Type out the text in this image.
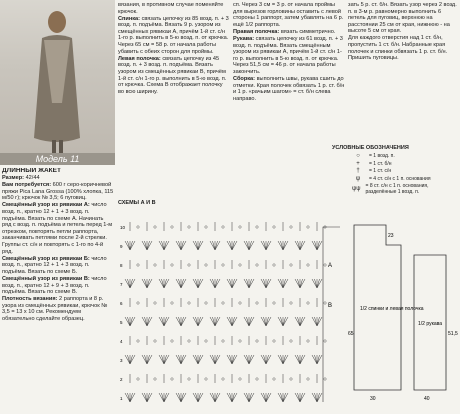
Модель 11

ДЛИННЫЙ ЖАКЕТ

Размер: 42/44

Вам потребуется: 600 г серо-коричневой пряжи Pica Lana Grossa (100% хлопка, 115 м/50 г); крючок № 3,5; 6 пуговиц.

Смещённый узор из рявикаи А: число возд. п., кратно 12 + 1 + 3 возд. п. подъёма. Вязать по схеме А. Начинать ряд с возд. п. подъёма и петель перед 1-м отрезком, повторять петли раппорта, заканчивать петлями после 2-й стрелки. Группы ст. с/н и повторять с 1-го по 4-й ряд.

Смещённый узор из рявикаи Б: число возд. п., кратно 12 + 1 + 3 возд. п. подъёма. Вязать по схеме Б.

Смещённый узор из рявикаи В: число возд. п., кратно 12 + 9 + 3 возд. п. подъёма. Вязать по схеме В.

Плотность вязания: 2 раппорта и 8 р. узора из смещённых рявикаи, крючок № 3,5 = 13 х 10 см. Рекомендуем обязательно сделайте образец.

вязания, в противном случае поменяйте крючок.

Спинка: связать цепочку из 85 возд. п. + 3 возд. п. подъёма. Вязать 9 р. узором из смещённых рявикаи А, причём 1-й ст. с/н 1-го р. выполнить в 5-ю возд. п. от крючка. Через 65 см = 58 р. от начала работы убавить с обеих сторон для проймы.

Левая полочка: связать цепочку из 45 возд. п. + 3 возд. п. подъёма. Вязать узором из смещённых рявикаи В, причём 1-й ст. с/н 1-го р. выполнить в 5-ю возд. п. от крючка. Схема В отображает полочку во всю ширину.

сп. Через 3 см = 3 р. от начала проймы для вырезов горловины оставить с левой стороны 1 раппорт, затем убавлять на 6 р. ещё 1/2 раппорта.

Правая полочка: вязать симметрично.

Рукава: связать цепочку из 61 возд. п. + 3 возд. п. подъёма. Вязать смещённым узором из рявикаи А, причём 1-й ст. с/н 1-го р. выполнить в 5-ю возд. п. от крючка. Через 51,5 см = 46 р. от начала работы закончить.

Сборка: выполнить швы, рукава сшить до отметки. Края полочек обвязать 1 р. ст. б/н и 1 р. «рачьим шагом» = ст. б/н слева направо.

зать 5 р. ст. б/н. Вязать узор через 2 возд. п. в 3-м р. равномерно выполнить 6 петель для пуговиц, верхнюю на расстоянии 25 см от края, нижнюю - на высоте 5 см от края.

Для каждого отверстия над 1 ст. б/н, пропустить 1 ст. б/н. Набранные края полочек и спинки обвязать 1 р. ст. б/н. Пришить пуговицы.

УСЛОВНЫЕ ОБОЗНАЧЕНИЯ
○	= 1 возд. п.
+	= 1 ст. б/н
†	= 1 ст. с/н
ψ	= 4 ст. с/н с 1 п. основания
ψψ = 8 ст. с/н с 1 п. основания, разделённые 1 возд. п.
СХЕМЫ А И В
1
2
3
4
5
6
7
8
9
10
А
В	1/2 спинки и левая полочка
1/2 рукава
65	51,5
30	40
23
